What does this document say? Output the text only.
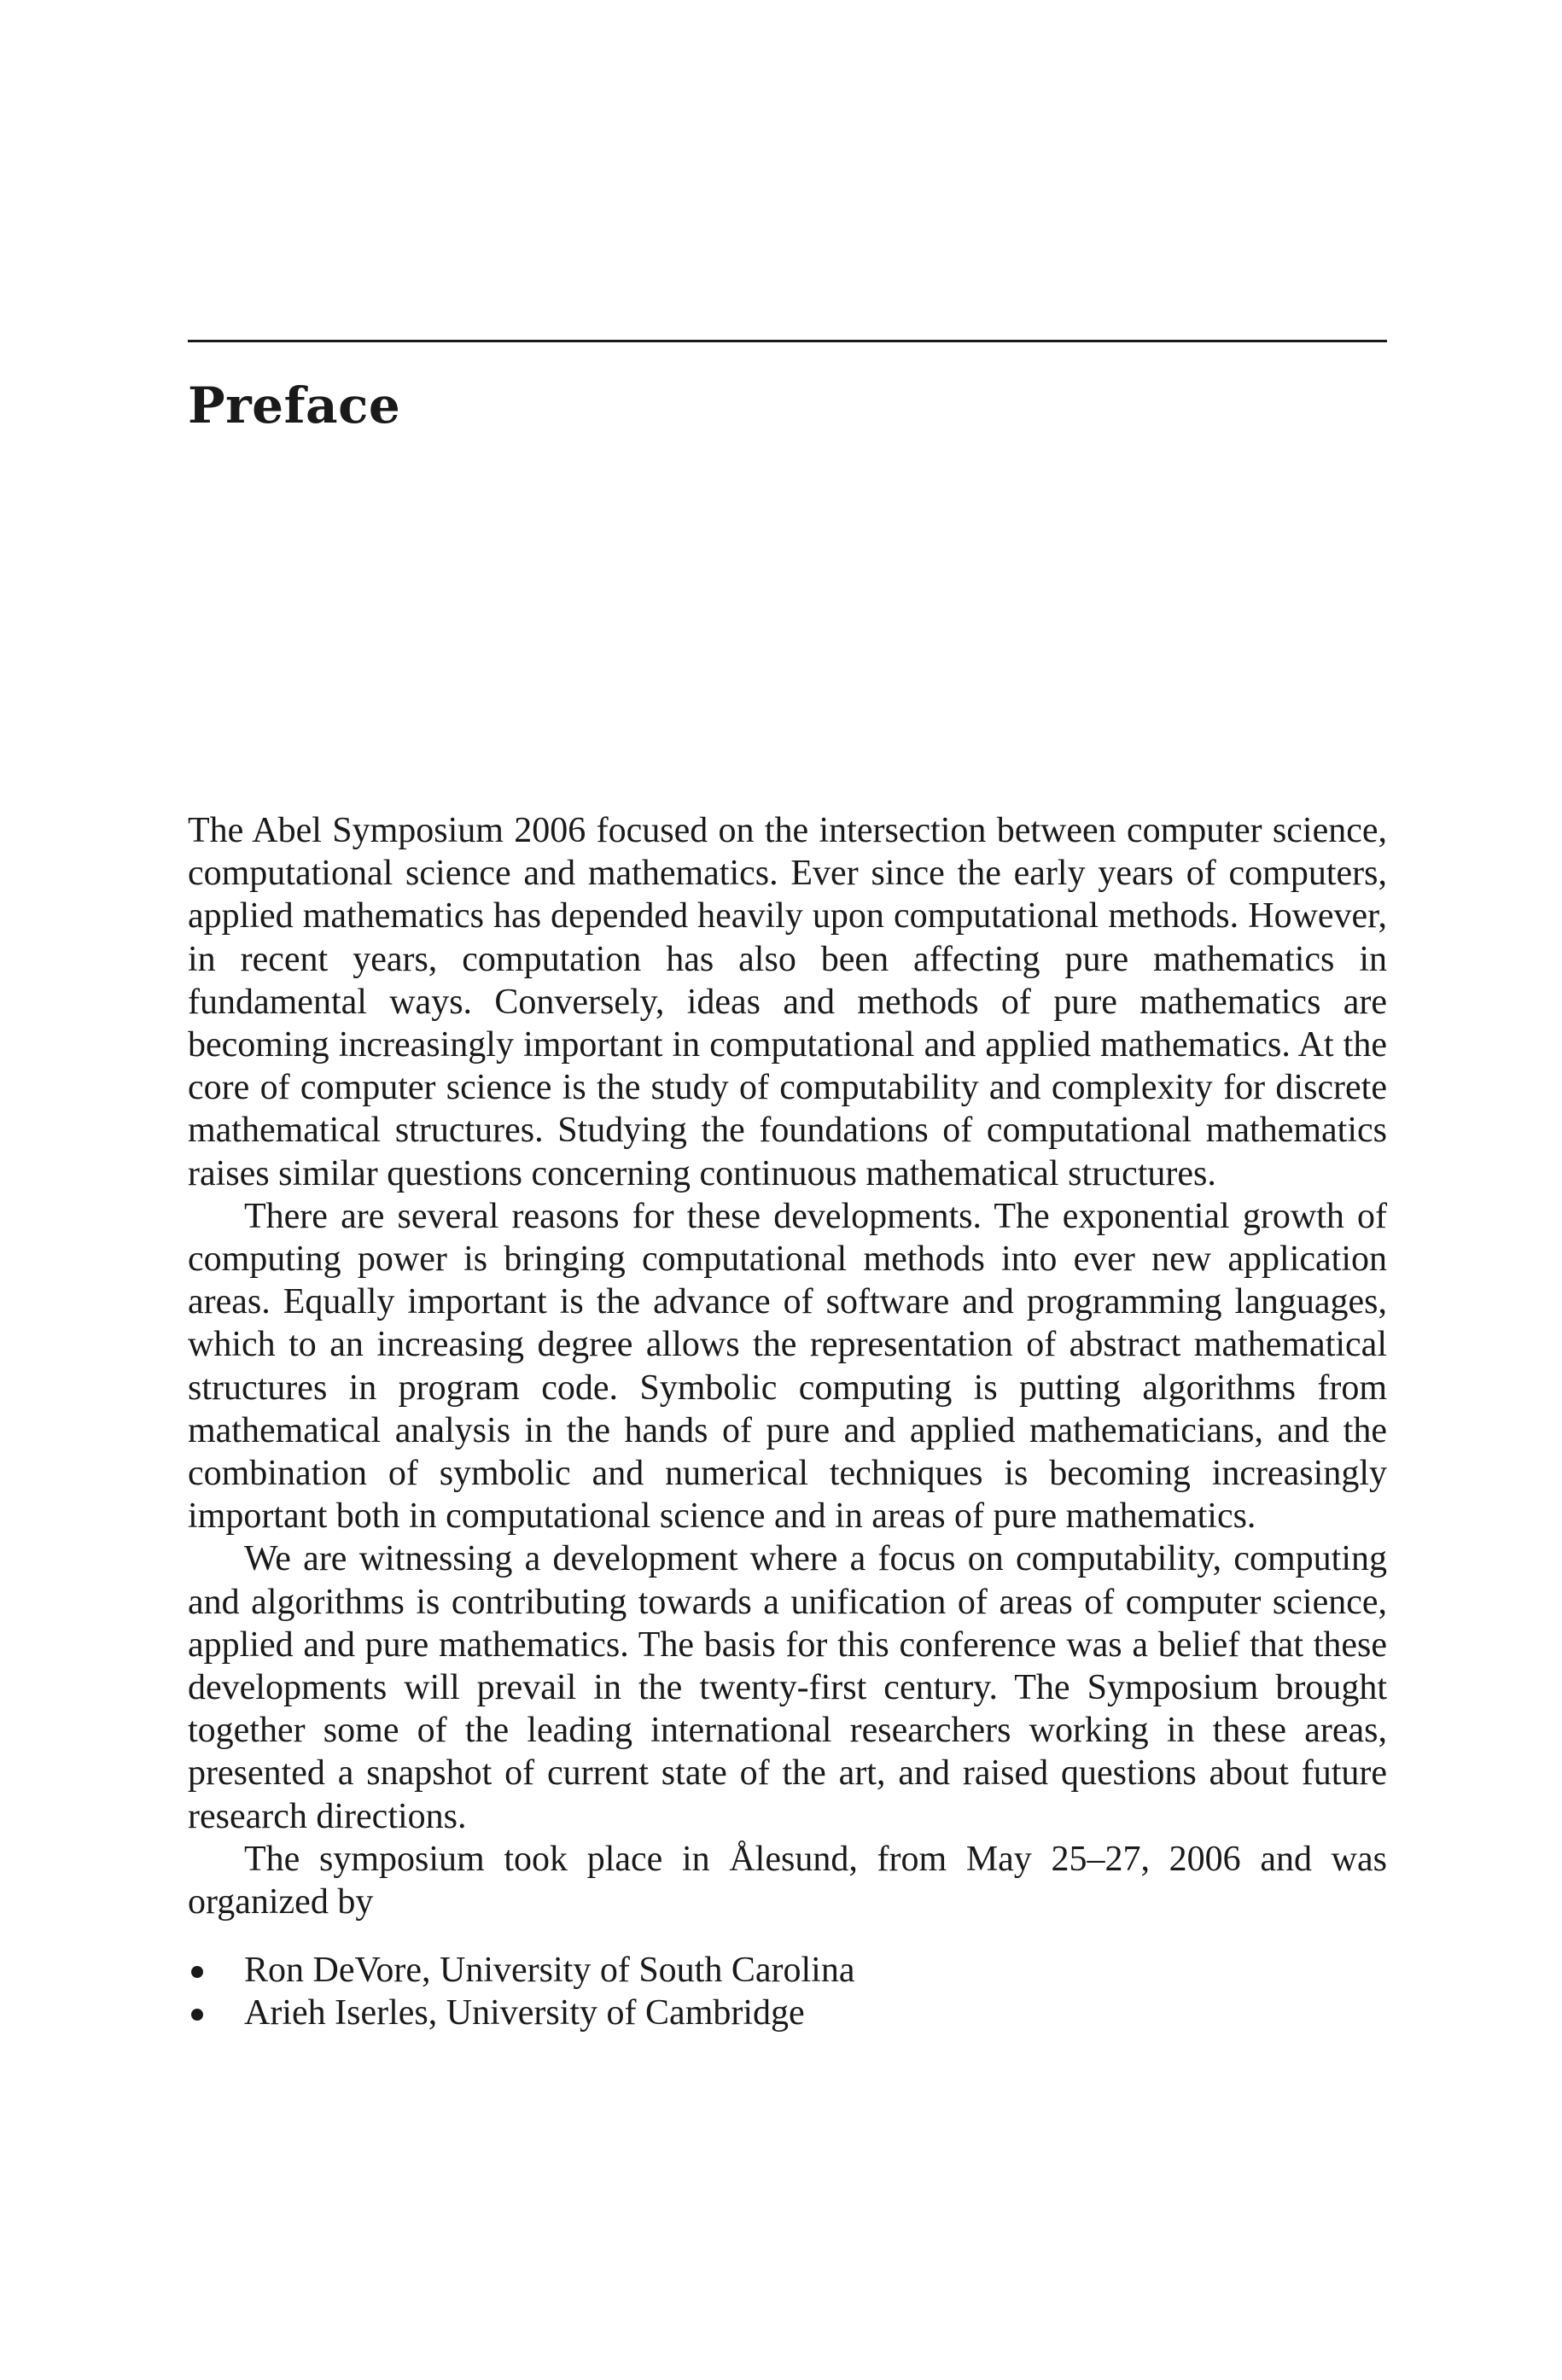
Preface

The Abel Symposium 2006 focused on the intersection between computer science, computational science and mathematics. Ever since the early years of computers, applied mathematics has depended heavily upon computational methods. However, in recent years, computation has also been affecting pure mathematics in fundamental ways. Conversely, ideas and methods of pure mathematics are becoming increasingly important in computational and applied mathematics. At the core of computer science is the study of computability and complexity for discrete mathematical structures. Studying the foundations of computational mathematics raises similar questions concerning continuous mathematical structures.

There are several reasons for these developments. The exponential growth of computing power is bringing computational methods into ever new application areas. Equally important is the advance of software and programming languages, which to an increasing degree allows the representation of abstract mathematical structures in program code. Symbolic computing is putting algorithms from mathematical analysis in the hands of pure and applied mathematicians, and the combination of symbolic and numerical techniques is becoming increasingly important both in computational science and in areas of pure mathematics.

We are witnessing a development where a focus on computability, computing and algorithms is contributing towards a unification of areas of computer science, applied and pure mathematics. The basis for this conference was a belief that these developments will prevail in the twenty-first century. The Symposium brought together some of the leading international researchers working in these areas, presented a snapshot of current state of the art, and raised questions about future research directions.

The symposium took place in Ålesund, from May 25–27, 2006 and was organized by

Ron DeVore, University of South Carolina
Arieh Iserles, University of Cambridge
